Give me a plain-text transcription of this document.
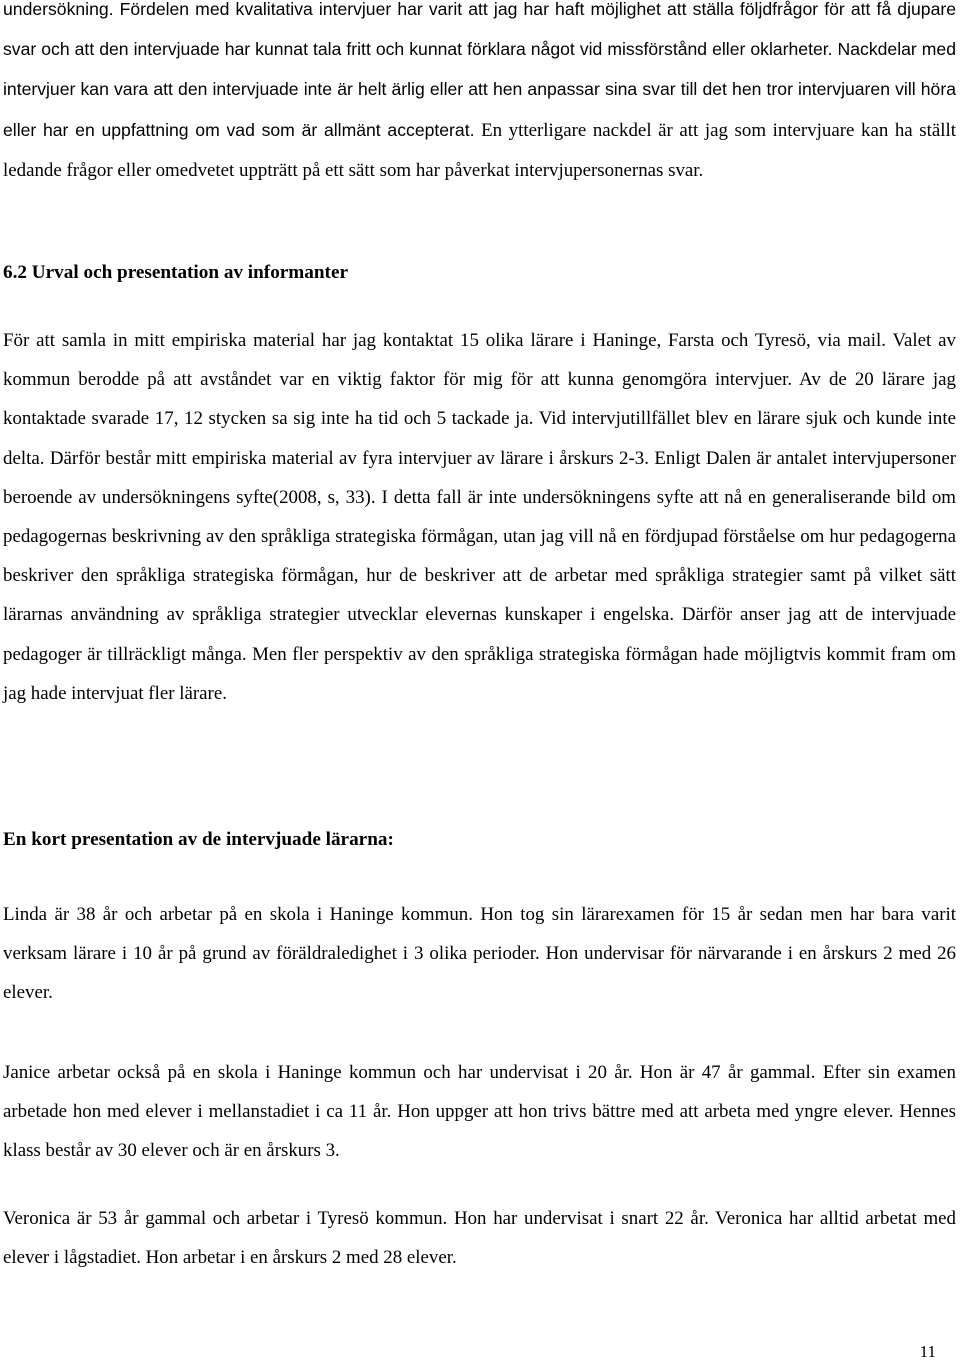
undersökning. Fördelen med kvalitativa intervjuer har varit att jag har haft möjlighet att ställa följdfrågor för att få djupare svar och att den intervjuade har kunnat tala fritt och kunnat förklara något vid missförstånd eller oklarheter. Nackdelar med intervjuer kan vara att den intervjuade inte är helt ärlig eller att hen anpassar sina svar till det hen tror intervjuaren vill höra eller har en uppfattning om vad som är allmänt accepterat. En ytterligare nackdel är att jag som intervjuare kan ha ställt ledande frågor eller omedvetet uppträtt på ett sätt som har påverkat intervjupersonernas svar.

6.2 Urval och presentation av informanter

För att samla in mitt empiriska material har jag kontaktat 15 olika lärare i Haninge, Farsta och Tyresö, via mail. Valet av kommun berodde på att avståndet var en viktig faktor för mig för att kunna genomgöra intervjuer. Av de 20 lärare jag kontaktade svarade 17, 12 stycken sa sig inte ha tid och 5 tackade ja. Vid intervjutillfället blev en lärare sjuk och kunde inte delta. Därför består mitt empiriska material av fyra intervjuer av lärare i årskurs 2-3. Enligt Dalen är antalet intervjupersoner beroende av undersökningens syfte(2008, s, 33). I detta fall är inte undersökningens syfte att nå en generaliserande bild om pedagogernas beskrivning av den språkliga strategiska förmågan, utan jag vill nå en fördjupad förståelse om hur pedagogerna beskriver den språkliga strategiska förmågan, hur de beskriver att de arbetar med språkliga strategier samt på vilket sätt lärarnas användning av språkliga strategier utvecklar elevernas kunskaper i engelska. Därför anser jag att de intervjuade pedagoger är tillräckligt många. Men fler perspektiv av den språkliga strategiska förmågan hade möjligtvis kommit fram om jag hade intervjuat fler lärare.

En kort presentation av de intervjuade lärarna:

Linda är 38 år och arbetar på en skola i Haninge kommun. Hon tog sin lärarexamen för 15 år sedan men har bara varit verksam lärare i 10 år på grund av föräldraledighet i 3 olika perioder. Hon undervisar för närvarande i en årskurs 2 med 26 elever.

Janice arbetar också på en skola i Haninge kommun och har undervisat i 20 år. Hon är 47 år gammal. Efter sin examen arbetade hon med elever i mellanstadiet i ca 11 år. Hon uppger att hon trivs bättre med att arbeta med yngre elever. Hennes klass består av 30 elever och är en årskurs 3.

Veronica är 53 år gammal och arbetar i Tyresö kommun. Hon har undervisat i snart 22 år. Veronica har alltid arbetat med elever i lågstadiet. Hon arbetar i en årskurs 2 med 28 elever.

11
